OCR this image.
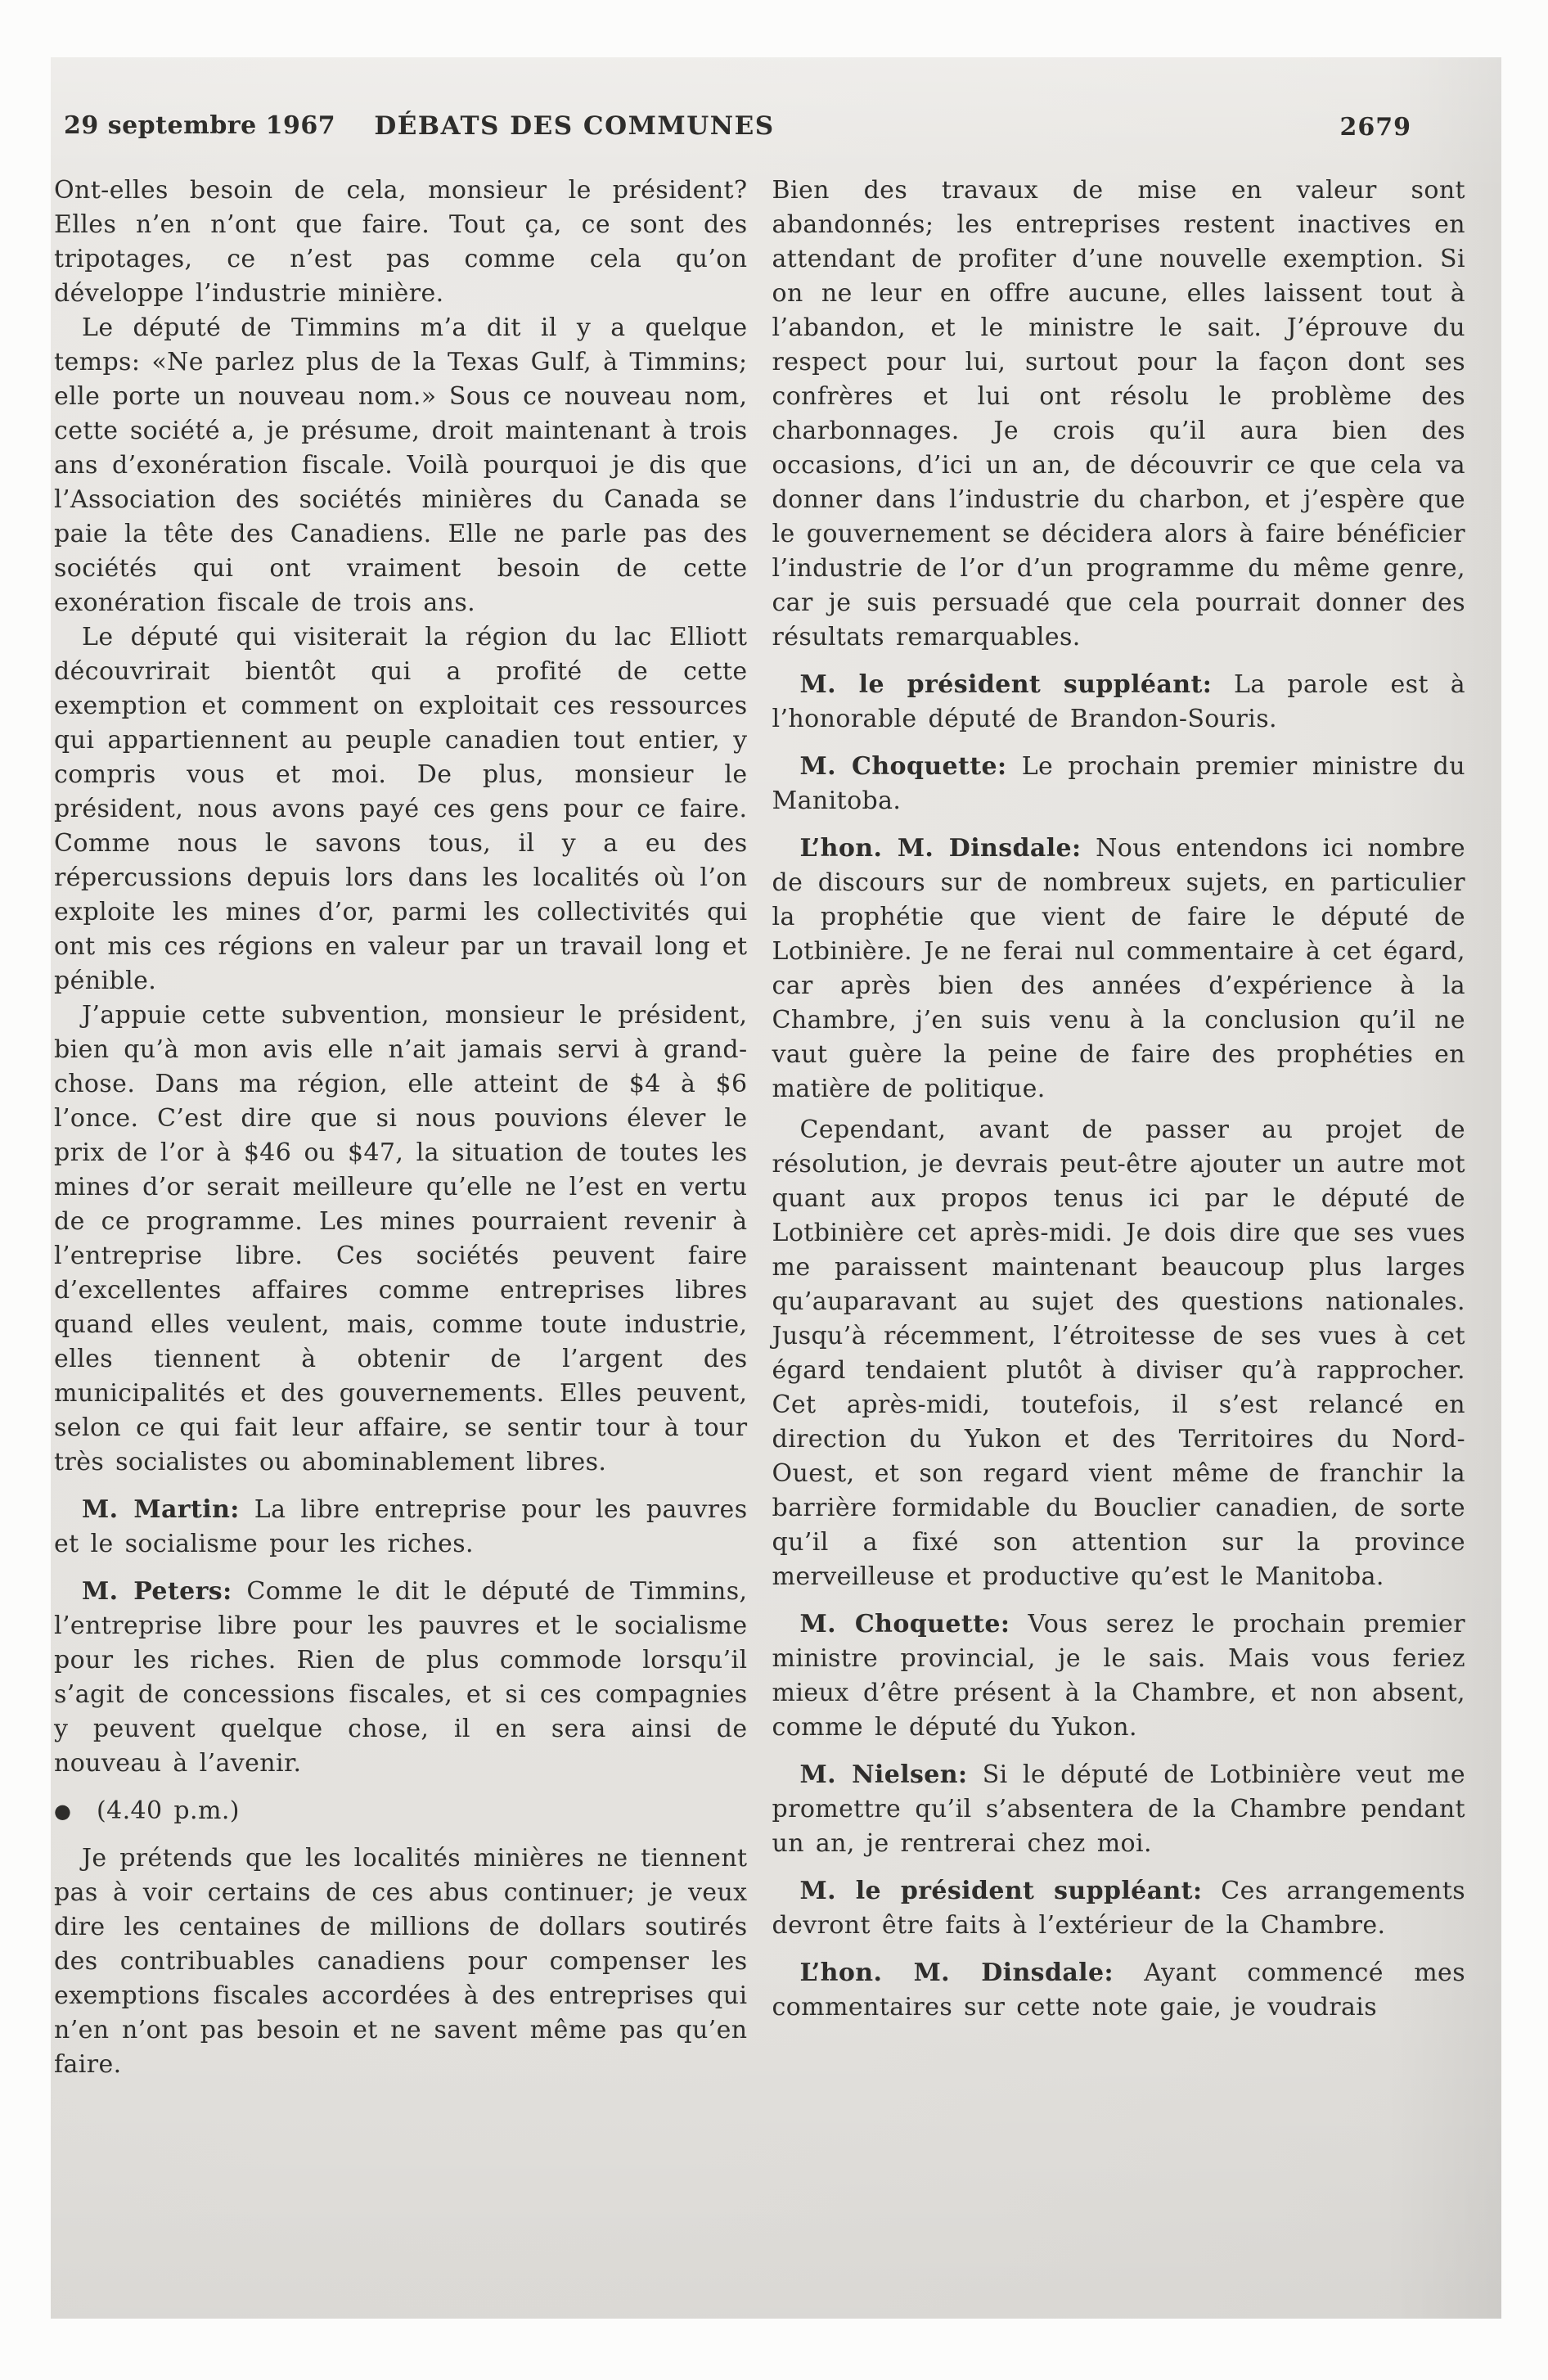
29 septembre 1967 DÉBATS DES COMMUNES	2679

Ont-elles besoin de cela, monsieur le président? Elles n’en n’ont que faire. Tout ça, ce sont des tripotages, ce n’est pas comme cela qu’on développe l’industrie minière.

Le député de Timmins m’a dit il y a quelque temps: «Ne parlez plus de la Texas Gulf, à Timmins; elle porte un nouveau nom.» Sous ce nouveau nom, cette société a, je présume, droit maintenant à trois ans d’exonération fiscale. Voilà pourquoi je dis que l’Association des sociétés minières du Canada se paie la tête des Canadiens. Elle ne parle pas des sociétés qui ont vraiment besoin de cette exonération fiscale de trois ans.

Le député qui visiterait la région du lac Elliott découvrirait bientôt qui a profité de cette exemption et comment on exploitait ces ressources qui appartiennent au peuple canadien tout entier, y compris vous et moi. De plus, monsieur le président, nous avons payé ces gens pour ce faire. Comme nous le savons tous, il y a eu des répercussions depuis lors dans les localités où l’on exploite les mines d’or, parmi les collectivités qui ont mis ces régions en valeur par un travail long et pénible.

J’appuie cette subvention, monsieur le président, bien qu’à mon avis elle n’ait jamais servi à grand-chose. Dans ma région, elle atteint de $4 à $6 l’once. C’est dire que si nous pouvions élever le prix de l’or à $46 ou $47, la situation de toutes les mines d’or serait meilleure qu’elle ne l’est en vertu de ce programme. Les mines pourraient revenir à l’entreprise libre. Ces sociétés peuvent faire d’excellentes affaires comme entreprises libres quand elles veulent, mais, comme toute industrie, elles tiennent à obtenir de l’argent des municipalités et des gouvernements. Elles peuvent, selon ce qui fait leur affaire, se sentir tour à tour très socialistes ou abominablement libres.

M. Martin: La libre entreprise pour les pauvres et le socialisme pour les riches.

M. Peters: Comme le dit le député de Timmins, l’entreprise libre pour les pauvres et le socialisme pour les riches. Rien de plus commode lorsqu’il s’agit de concessions fiscales, et si ces compagnies y peuvent quelque chose, il en sera ainsi de nouveau à l’avenir.

● (4.40 p.m.)

Je prétends que les localités minières ne tiennent pas à voir certains de ces abus continuer; je veux dire les centaines de millions de dollars soutirés des contribuables canadiens pour compenser les exemptions fiscales accordées à des entreprises qui n’en n’ont pas besoin et ne savent même pas qu’en faire.

Bien des travaux de mise en valeur sont abandonnés; les entreprises restent inactives en attendant de profiter d’une nouvelle exemption. Si on ne leur en offre aucune, elles laissent tout à l’abandon, et le ministre le sait. J’éprouve du respect pour lui, surtout pour la façon dont ses confrères et lui ont résolu le problème des charbonnages. Je crois qu’il aura bien des occasions, d’ici un an, de découvrir ce que cela va donner dans l’industrie du charbon, et j’espère que le gouvernement se décidera alors à faire bénéficier l’industrie de l’or d’un programme du même genre, car je suis persuadé que cela pourrait donner des résultats remarquables.

M. le président suppléant: La parole est à l’honorable député de Brandon-Souris.

M. Choquette: Le prochain premier ministre du Manitoba.

L’hon. M. Dinsdale: Nous entendons ici nombre de discours sur de nombreux sujets, en particulier la prophétie que vient de faire le député de Lotbinière. Je ne ferai nul commentaire à cet égard, car après bien des années d’expérience à la Chambre, j’en suis venu à la conclusion qu’il ne vaut guère la peine de faire des prophéties en matière de politique.

Cependant, avant de passer au projet de résolution, je devrais peut-être ajouter un autre mot quant aux propos tenus ici par le député de Lotbinière cet après-midi. Je dois dire que ses vues me paraissent maintenant beaucoup plus larges qu’auparavant au sujet des questions nationales. Jusqu’à récemment, l’étroitesse de ses vues à cet égard tendaient plutôt à diviser qu’à rapprocher. Cet après-midi, toutefois, il s’est relancé en direction du Yukon et des Territoires du Nord-Ouest, et son regard vient même de franchir la barrière formidable du Bouclier canadien, de sorte qu’il a fixé son attention sur la province merveilleuse et productive qu’est le Manitoba.

M. Choquette: Vous serez le prochain premier ministre provincial, je le sais. Mais vous feriez mieux d’être présent à la Chambre, et non absent, comme le député du Yukon.

M. Nielsen: Si le député de Lotbinière veut me promettre qu’il s’absentera de la Chambre pendant un an, je rentrerai chez moi.

M. le président suppléant: Ces arrangements devront être faits à l’extérieur de la Chambre.

L’hon. M. Dinsdale: Ayant commencé mes commentaires sur cette note gaie, je voudrais
